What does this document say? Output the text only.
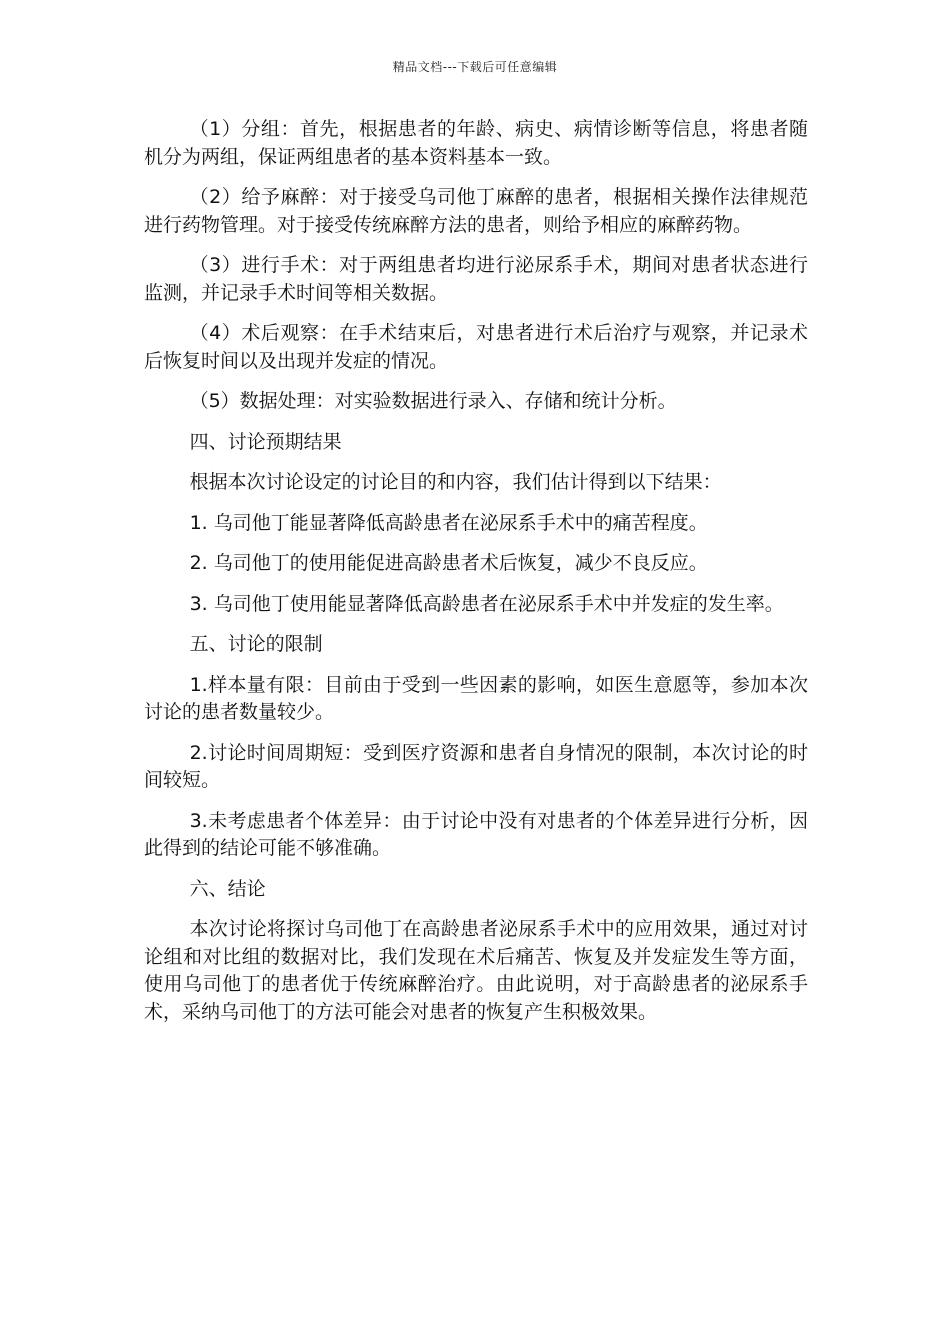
精品文档---下载后可任意编辑

（1）分组：首先，根据患者的年龄、病史、病情诊断等信息，将患者随机分为两组，保证两组患者的基本资料基本一致。

（2）给予麻醉：对于接受乌司他丁麻醉的患者，根据相关操作法律规范进行药物管理。对于接受传统麻醉方法的患者，则给予相应的麻醉药物。

（3）进行手术：对于两组患者均进行泌尿系手术，期间对患者状态进行监测，并记录手术时间等相关数据。

（4）术后观察：在手术结束后，对患者进行术后治疗与观察，并记录术后恢复时间以及出现并发症的情况。

（5）数据处理：对实验数据进行录入、存储和统计分析。

四、讨论预期结果

根据本次讨论设定的讨论目的和内容，我们估计得到以下结果：

1. 乌司他丁能显著降低高龄患者在泌尿系手术中的痛苦程度。

2. 乌司他丁的使用能促进高龄患者术后恢复，减少不良反应。

3. 乌司他丁使用能显著降低高龄患者在泌尿系手术中并发症的发生率。

五、讨论的限制

1.样本量有限：目前由于受到一些因素的影响，如医生意愿等，参加本次讨论的患者数量较少。

2.讨论时间周期短：受到医疗资源和患者自身情况的限制，本次讨论的时间较短。

3.未考虑患者个体差异：由于讨论中没有对患者的个体差异进行分析，因此得到的结论可能不够准确。

六、结论

本次讨论将探讨乌司他丁在高龄患者泌尿系手术中的应用效果，通过对讨论组和对比组的数据对比，我们发现在术后痛苦、恢复及并发症发生等方面，使用乌司他丁的患者优于传统麻醉治疗。由此说明，对于高龄患者的泌尿系手术，采纳乌司他丁的方法可能会对患者的恢复产生积极效果。
